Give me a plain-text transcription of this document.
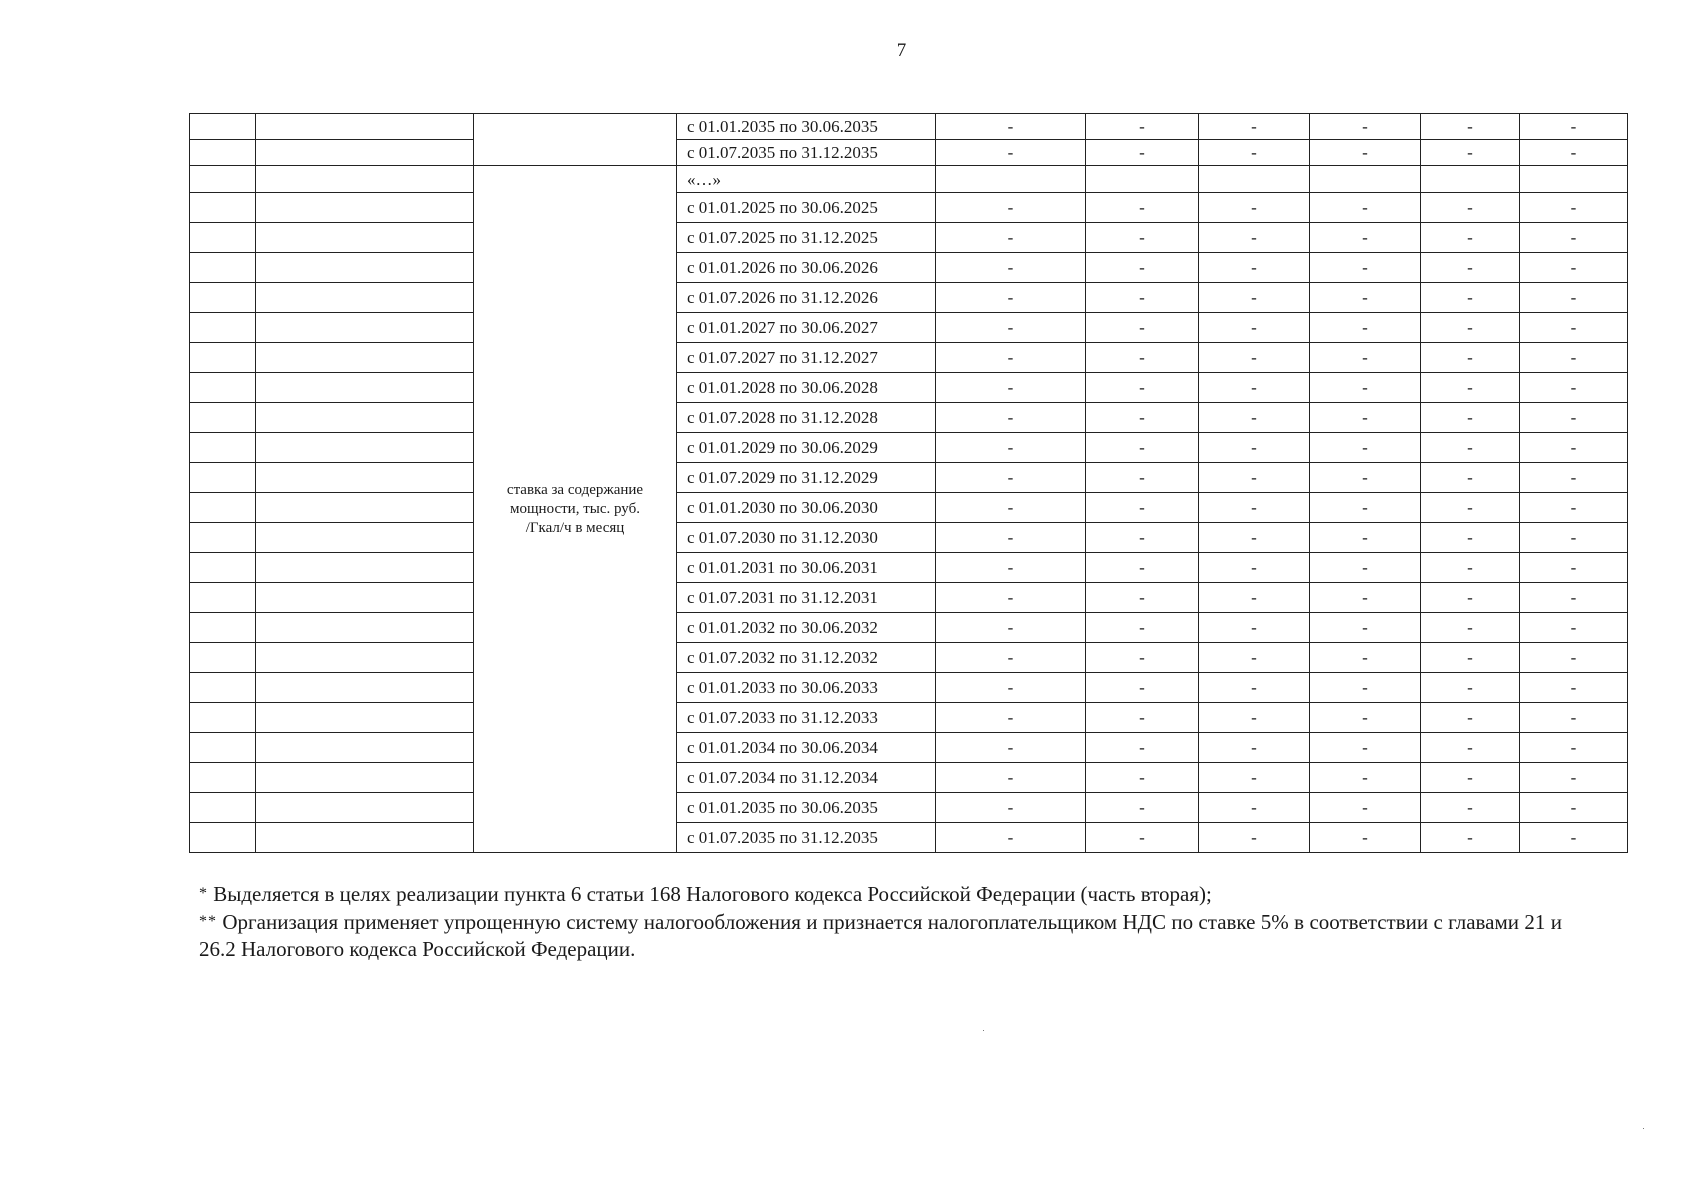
7
			с 01.01.2035 по 30.06.2035	-	-	-	-	-	-
			с 01.07.2035 по 31.12.2035	-	-	-	-	-	-

		ставка за содержание
мощности, тыс. руб.
/Гкал/ч в месяц	«…»						
			с 01.01.2025 по 30.06.2025	-	-	-	-	-	-
			с 01.07.2025 по 31.12.2025	-	-	-	-	-	-
			с 01.01.2026 по 30.06.2026	-	-	-	-	-	-
			с 01.07.2026 по 31.12.2026	-	-	-	-	-	-
			с 01.01.2027 по 30.06.2027	-	-	-	-	-	-
			с 01.07.2027 по 31.12.2027	-	-	-	-	-	-
			с 01.01.2028 по 30.06.2028	-	-	-	-	-	-
			с 01.07.2028 по 31.12.2028	-	-	-	-	-	-
			с 01.01.2029 по 30.06.2029	-	-	-	-	-	-
			с 01.07.2029 по 31.12.2029	-	-	-	-	-	-
			с 01.01.2030 по 30.06.2030	-	-	-	-	-	-
			с 01.07.2030 по 31.12.2030	-	-	-	-	-	-
			с 01.01.2031 по 30.06.2031	-	-	-	-	-	-
			с 01.07.2031 по 31.12.2031	-	-	-	-	-	-
			с 01.01.2032 по 30.06.2032	-	-	-	-	-	-
			с 01.07.2032 по 31.12.2032	-	-	-	-	-	-
			с 01.01.2033 по 30.06.2033	-	-	-	-	-	-
			с 01.07.2033 по 31.12.2033	-	-	-	-	-	-
			с 01.01.2034 по 30.06.2034	-	-	-	-	-	-
			с 01.07.2034 по 31.12.2034	-	-	-	-	-	-
			с 01.01.2035 по 30.06.2035	-	-	-	-	-	-
			с 01.07.2035 по 31.12.2035	-	-	-	-	-	-

* Выделяется в целях реализации пункта 6 статьи 168 Налогового кодекса Российской Федерации (часть вторая);

** Организация применяет упрощенную систему налогообложения и признается налогоплательщиком НДС по ставке 5% в соответствии с главами 21 и 26.2 Налогового кодекса Российской Федерации.
